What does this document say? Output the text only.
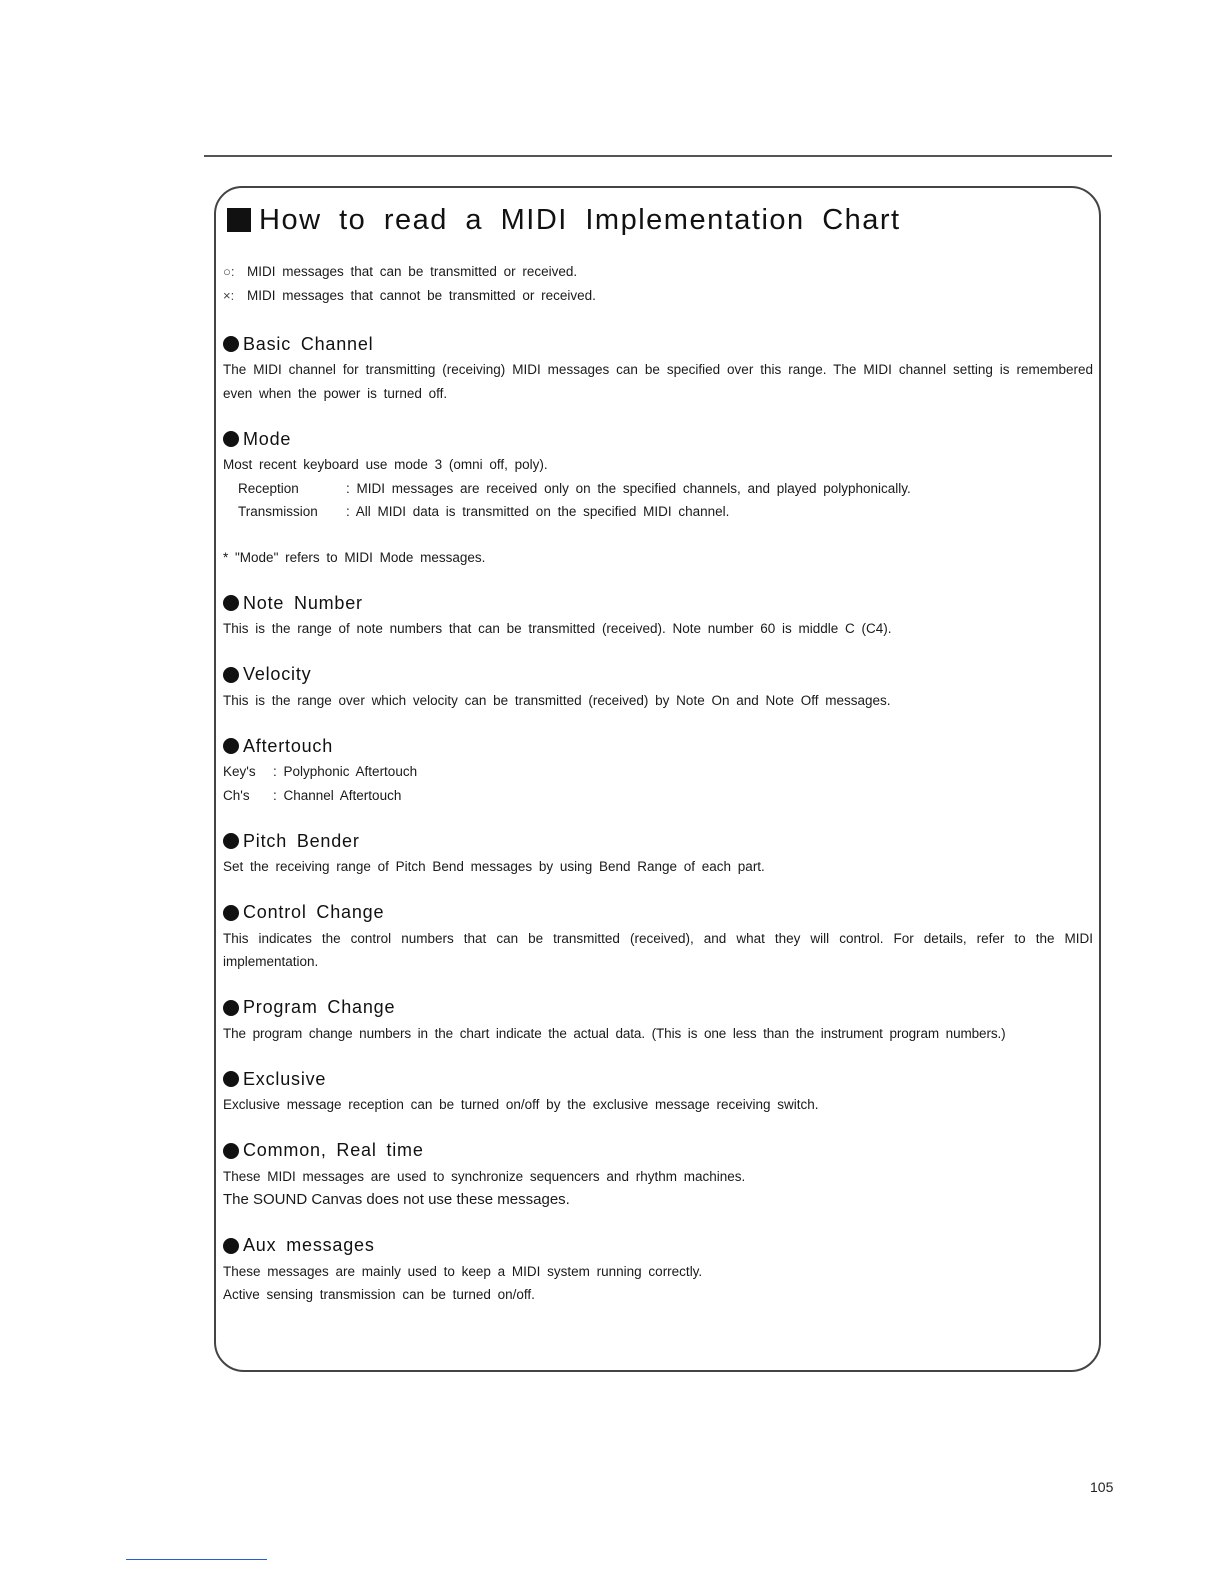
How to read a MIDI Implementation Chart
○: MIDI messages that can be transmitted or received.
×: MIDI messages that cannot be transmitted or received.
Basic Channel

The MIDI channel for transmitting (receiving) MIDI messages can be specified over this range. The MIDI channel setting is remembered even when the power is turned off.

Mode

Most recent keyboard use mode 3 (omni off, poly).

Reception	: MIDI messages are received only on the specified channels, and played polyphonically.
Transmission	: All MIDI data is transmitted on the specified MIDI channel.
* "Mode" refers to MIDI Mode messages.
Note Number

This is the range of note numbers that can be transmitted (received). Note number 60 is middle C (C4).

Velocity

This is the range over which velocity can be transmitted (received) by Note On and Note Off messages.

Aftertouch
Key's	: Polyphonic Aftertouch
Ch's	: Channel Aftertouch
Pitch Bender

Set the receiving range of Pitch Bend messages by using Bend Range of each part.

Control Change

This indicates the control numbers that can be transmitted (received), and what they will control. For details, refer to the MIDI implementation.

Program Change

The program change numbers in the chart indicate the actual data. (This is one less than the instrument program numbers.)

Exclusive

Exclusive message reception can be turned on/off by the exclusive message receiving switch.

Common, Real time

These MIDI messages are used to synchronize sequencers and rhythm machines.

The SOUND Canvas does not use these messages.
Aux messages

These messages are mainly used to keep a MIDI system running correctly.

Active sensing transmission can be turned on/off.

105
